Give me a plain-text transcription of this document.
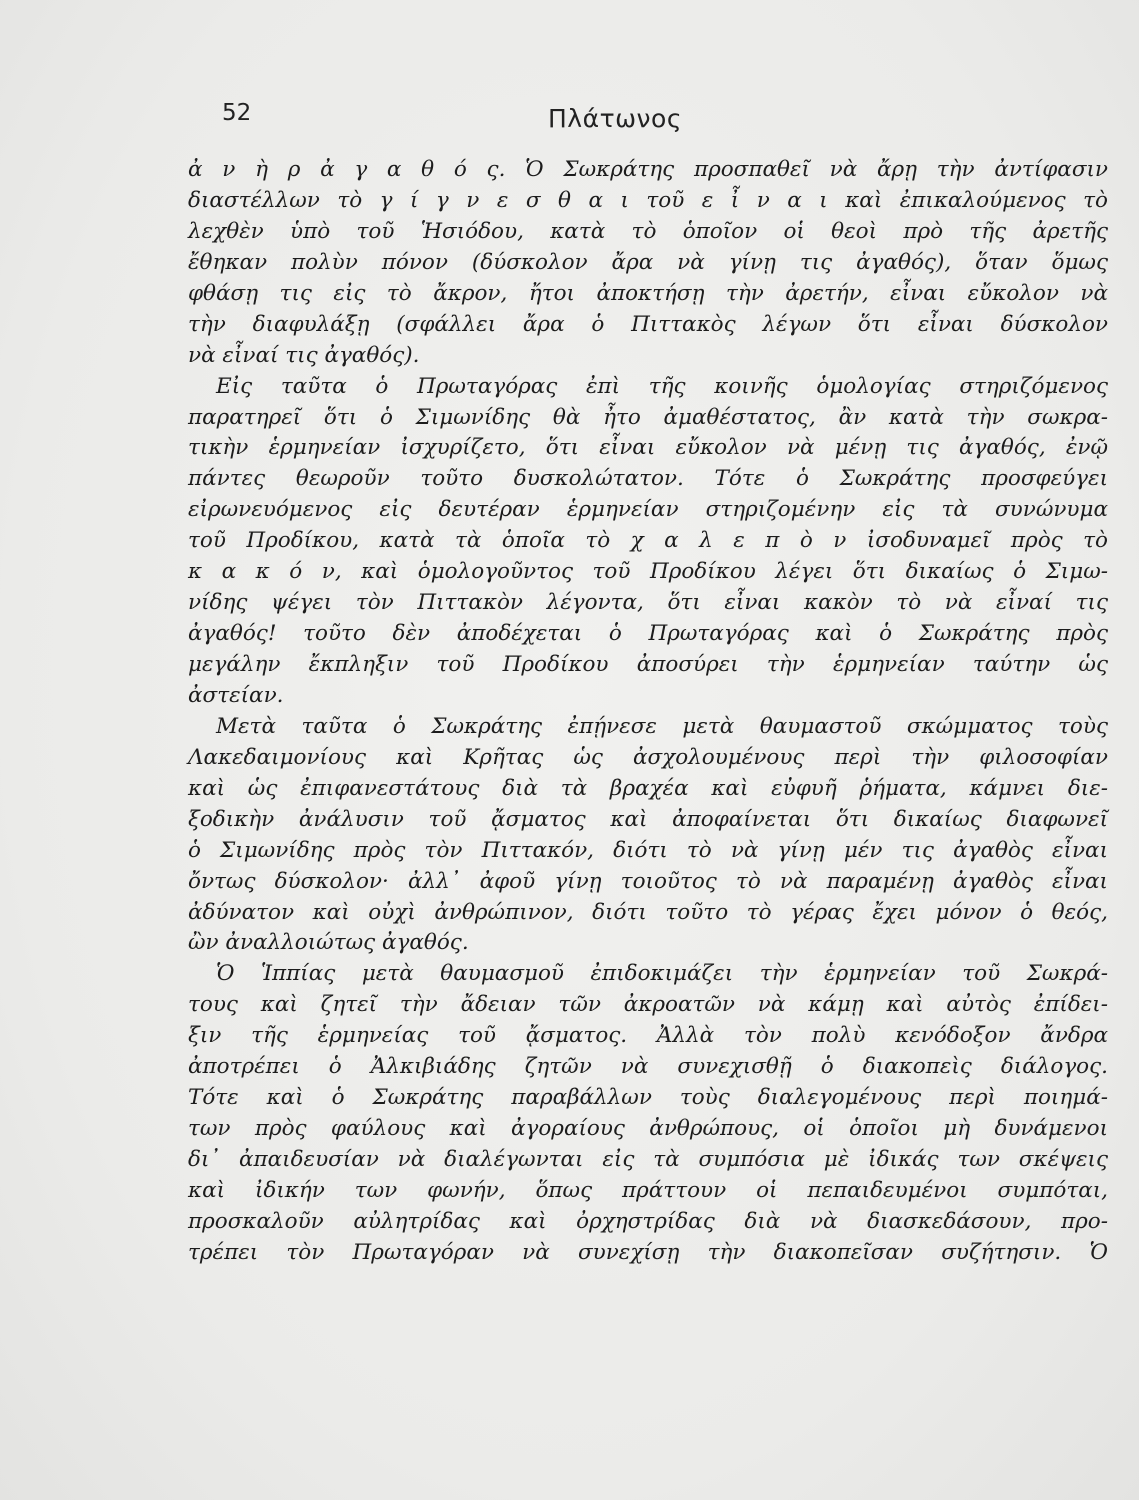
52	Πλάτωνος
ἀ ν ὴ ρ ἀ γ α θ ό ς. Ὁ Σωκράτης προσπαθεῖ νὰ ἄρῃ τὴν ἀντίφασιν
διαστέλλων τὸ γ ί γ ν ε σ θ α ι τοῦ ε ἶ ν α ι καὶ ἐπικαλούμενος τὸ
λεχθὲν ὑπὸ τοῦ Ἡσιόδου, κατὰ τὸ ὁποῖον οἱ θεοὶ πρὸ τῆς ἀρετῆς
ἔθηκαν πολὺν πόνον (δύσκολον ἄρα νὰ γίνῃ τις ἀγαθός), ὅταν ὅμως
φθάσῃ τις εἰς τὸ ἄκρον, ἤτοι ἀποκτήσῃ τὴν ἀρετήν, εἶναι εὔκολον νὰ
τὴν διαφυλάξῃ (σφάλλει ἄρα ὁ Πιττακὸς λέγων ὅτι εἶναι δύσκολον
νὰ εἶναί τις ἀγαθός).
Εἰς ταῦτα ὁ Πρωταγόρας ἐπὶ τῆς κοινῆς ὁμολογίας στηριζόμενος
παρατηρεῖ ὅτι ὁ Σιμωνίδης θὰ ἦτο ἀμαθέστατος, ἂν κατὰ τὴν σωκρα-
τικὴν ἑρμηνείαν ἰσχυρίζετο, ὅτι εἶναι εὔκολον νὰ μένῃ τις ἀγαθός, ἐνῷ
πάντες θεωροῦν τοῦτο δυσκολώτατον. Τότε ὁ Σωκράτης προσφεύγει
εἰρωνευόμενος εἰς δευτέραν ἑρμηνείαν στηριζομένην εἰς τὰ συνώνυμα
τοῦ Προδίκου, κατὰ τὰ ὁποῖα τὸ χ α λ ε π ὸ ν ἰσοδυναμεῖ πρὸς τὸ
κ α κ ό ν, καὶ ὁμολογοῦντος τοῦ Προδίκου λέγει ὅτι δικαίως ὁ Σιμω-
νίδης ψέγει τὸν Πιττακὸν λέγοντα, ὅτι εἶναι κακὸν τὸ νὰ εἶναί τις
ἀγαθός! τοῦτο δὲν ἀποδέχεται ὁ Πρωταγόρας καὶ ὁ Σωκράτης πρὸς
μεγάλην ἔκπληξιν τοῦ Προδίκου ἀποσύρει τὴν ἑρμηνείαν ταύτην ὡς
ἀστείαν.
Μετὰ ταῦτα ὁ Σωκράτης ἐπῄνεσε μετὰ θαυμαστοῦ σκώμματος τοὺς
Λακεδαιμονίους καὶ Κρῆτας ὡς ἀσχολουμένους περὶ τὴν φιλοσοφίαν
καὶ ὡς ἐπιφανεστάτους διὰ τὰ βραχέα καὶ εὐφυῆ ῥήματα, κάμνει διε-
ξοδικὴν ἀνάλυσιν τοῦ ᾄσματος καὶ ἀποφαίνεται ὅτι δικαίως διαφωνεῖ
ὁ Σιμωνίδης πρὸς τὸν Πιττακόν, διότι τὸ νὰ γίνῃ μέν τις ἀγαθὸς εἶναι
ὄντως δύσκολον· ἀλλ᾽ ἀφοῦ γίνῃ τοιοῦτος τὸ νὰ παραμένῃ ἀγαθὸς εἶναι
ἀδύνατον καὶ οὐχὶ ἀνθρώπινον, διότι τοῦτο τὸ γέρας ἔχει μόνον ὁ θεός,
ὢν ἀναλλοιώτως ἀγαθός.
Ὁ Ἱππίας μετὰ θαυμασμοῦ ἐπιδοκιμάζει τὴν ἑρμηνείαν τοῦ Σωκρά-
τους καὶ ζητεῖ τὴν ἄδειαν τῶν ἀκροατῶν νὰ κάμῃ καὶ αὐτὸς ἐπίδει-
ξιν τῆς ἑρμηνείας τοῦ ᾄσματος. Ἀλλὰ τὸν πολὺ κενόδοξον ἄνδρα
ἀποτρέπει ὁ Ἀλκιβιάδης ζητῶν νὰ συνεχισθῇ ὁ διακοπεὶς διάλογος.
Τότε καὶ ὁ Σωκράτης παραβάλλων τοὺς διαλεγομένους περὶ ποιημά-
των πρὸς φαύλους καὶ ἀγοραίους ἀνθρώπους, οἱ ὁποῖοι μὴ δυνάμενοι
δι᾽ ἀπαιδευσίαν νὰ διαλέγωνται εἰς τὰ συμπόσια μὲ ἰδικάς των σκέψεις
καὶ ἰδικήν των φωνήν, ὅπως πράττουν οἱ πεπαιδευμένοι συμπόται,
προσκαλοῦν αὐλητρίδας καὶ ὀρχηστρίδας διὰ νὰ διασκεδάσουν, προ-
τρέπει τὸν Πρωταγόραν νὰ συνεχίσῃ τὴν διακοπεῖσαν συζήτησιν. Ὁ
